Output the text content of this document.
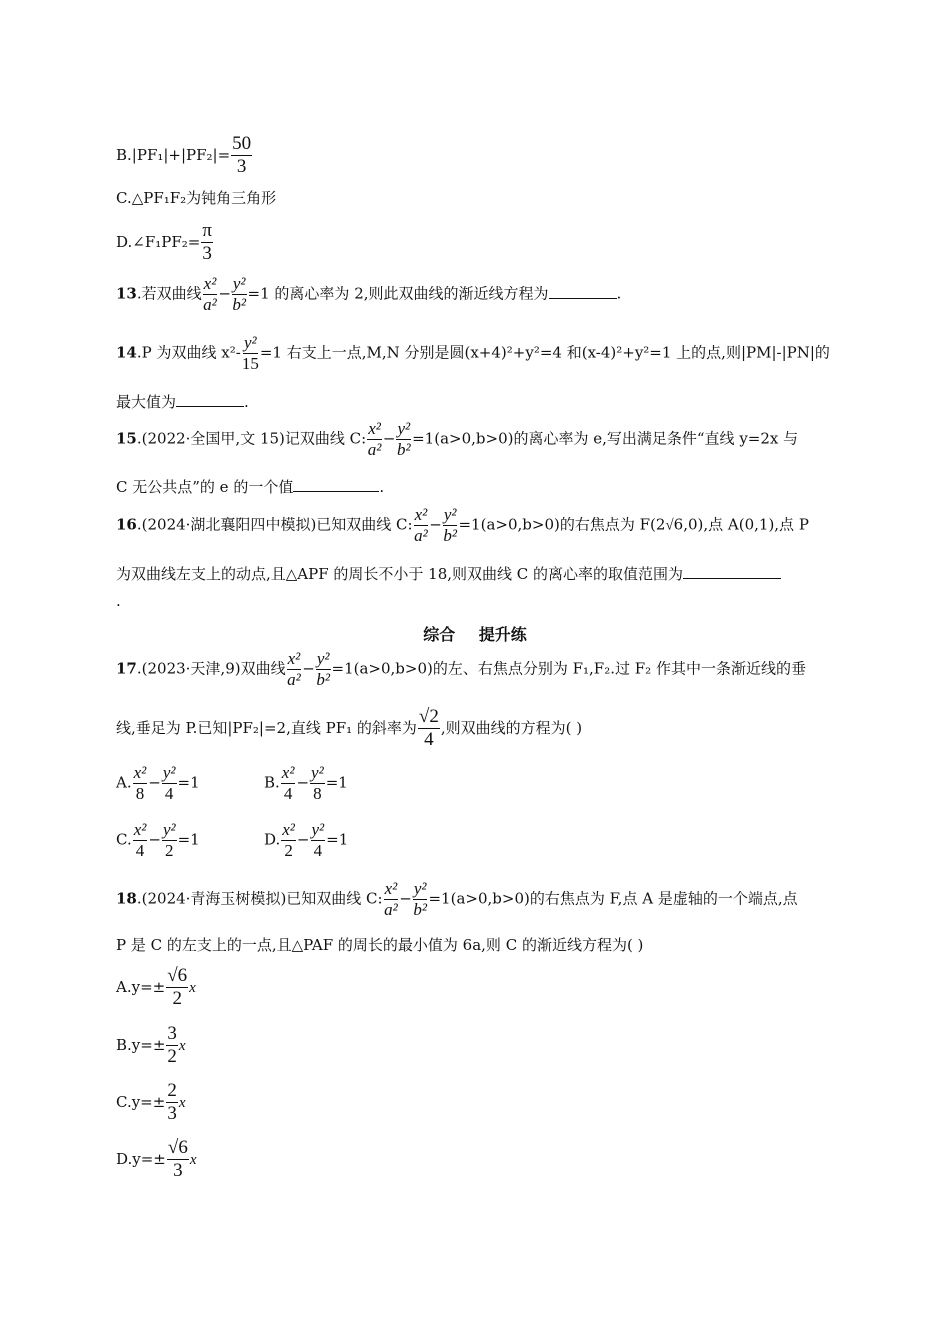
$B.|PF_1|+|PF_2|= \frac{50}{3}$
C.△PF₁F₂为钝角三角形
D.∠F₁PF₂= $\frac{\pi}{3}$
13.若双曲线 $\frac{\text{x²}}{\text{a²}} - \frac{\text{y²}}{\text{b²}} =1$ 的离心率为 2,则此双曲线的渐近线方程为	.
14.P 为双曲线 $x^2- \frac{\text{y²}}{15} =1$ 右支上一点,M,N 分别是圆(x+4)²+y²=4 和(x-4)²+y²=1 上的点,则|PM|-|PN|的
最大值为	.
15.(2022·全国甲,文 15)记双曲线 C: $\frac{\text{x²}}{\text{a²}} - \frac{\text{y²}}{\text{b²}} =1(a>0,b>0)$的离心率为 e,写出满足条件“直线 y=2x 与
C 无公共点”的 e 的一个值	.
16.(2024·湖北襄阳四中模拟)已知双曲线 C: $\frac{\text{x²}}{\text{a²}} - \frac{\text{y²}}{\text{b²}} =1(a>0,b>0)$的右焦点为 F(2√6,0),点 A(0,1),点 P
为双曲线左支上的动点,且△APF 的周长不小于 18,则双曲线 C 的离心率的取值范围为
.
综合 提升练
17.(2023·天津,9)双曲线 $\frac{\text{x²}}{\text{a²}} - \frac{\text{y²}}{\text{b²}} =1(a>0,b>0)$的左、右焦点分别为 F₁,F₂.过 F₂ 作其中一条渐近线的垂
线,垂足为 P.已知|PF₂|=2,直线 PF₁ 的斜率为 $\frac{√2}{4}$ ,则双曲线的方程为( )
A. $\frac{\text{x²}}{8} - \frac{\text{y²}}{4} =1$	B. $\frac{\text{x²}}{4} - \frac{\text{y²}}{8} =1$
C. $\frac{\text{x²}}{4} - \frac{\text{y²}}{2} =1$	D. $\frac{\text{x²}}{2} - \frac{\text{y²}}{4} =1$
18.(2024·青海玉树模拟)已知双曲线 C: $\frac{\text{x²}}{\text{a²}} - \frac{\text{y²}}{\text{b²}} =1(a>0,b>0)$的右焦点为 F,点 A 是虚轴的一个端点,点
P 是 C 的左支上的一点,且△PAF 的周长的最小值为 6a,则 C 的渐近线方程为( )
$A.y=\pm \frac{√6}{2}$ x
$B.y=\pm \frac{3}{2}$ x
$C.y=\pm \frac{2}{3}$ x
$D.y=\pm \frac{√6}{3}$ x
